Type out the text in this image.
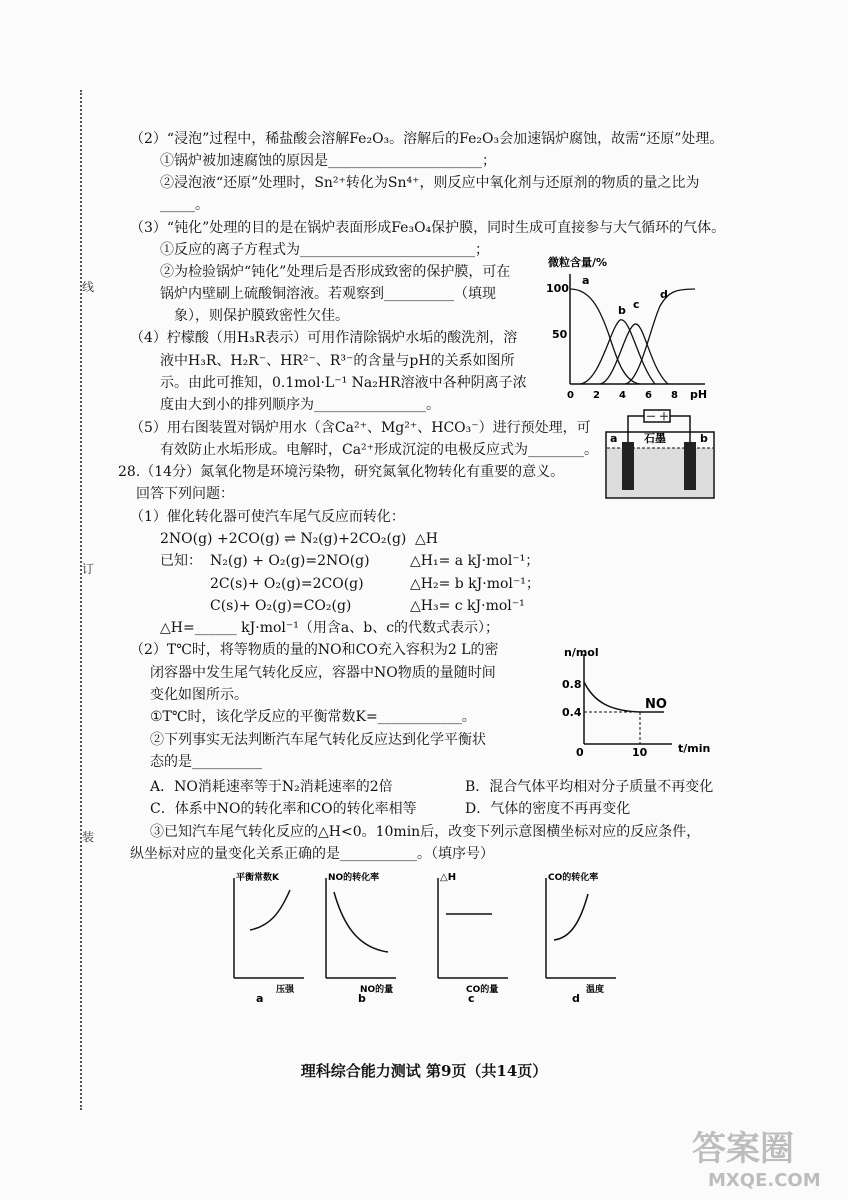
线
订
装
（2）“浸泡”过程中，稀盐酸会溶解Fe₂O₃。溶解后的Fe₂O₃会加速锅炉腐蚀，故需“还原”处理。
①锅炉被加速腐蚀的原因是______________________；
②浸泡液“还原”处理时，Sn²⁺转化为Sn⁴⁺，则反应中氧化剂与还原剂的物质的量之比为
_____。
（3）“钝化”处理的目的是在锅炉表面形成Fe₃O₄保护膜，同时生成可直接参与大气循环的气体。
①反应的离子方程式为_________________________；
②为检验锅炉“钝化”处理后是否形成致密的保护膜，可在
锅炉内壁刷上硫酸铜溶液。若观察到__________（填现
象），则保护膜致密性欠佳。
（4）柠檬酸（用H₃R表示）可用作清除锅炉水垢的酸洗剂，溶
液中H₃R、H₂R⁻、HR²⁻、R³⁻的含量与pH的关系如图所
示。由此可推知，0.1mol·L⁻¹ Na₂HR溶液中各种阴离子浓
度由大到小的排列顺序为________________。
（5）用右图装置对锅炉用水（含Ca²⁺、Mg²⁺、HCO₃⁻）进行预处理，可
有效防止水垢形成。电解时，Ca²⁺形成沉淀的电极反应式为________。
微粒含量/%
100
50
0 2 4 6 8 pH
a
b c
d
－ ＋
a 石墨	b
28.（14分）氮氧化物是环境污染物，研究氮氧化物转化有重要的意义。
回答下列问题：
（1）催化转化器可使汽车尾气反应而转化：
2NO(g) +2CO(g) ⇌ N₂(g)+2CO₂(g) △H
已知： N₂(g) + O₂(g)=2NO(g)	△H₁= a kJ·mol⁻¹；
2C(s)+ O₂(g)=2CO(g)	△H₂= b kJ·mol⁻¹；
C(s)+ O₂(g)=CO₂(g)	△H₃= c kJ·mol⁻¹
△H=______ kJ·mol⁻¹（用含a、b、c的代数式表示）；
（2）T℃时，将等物质的量的NO和CO充入容积为2 L的密
闭容器中发生尾气转化反应，容器中NO物质的量随时间
变化如图所示。
①T℃时，该化学反应的平衡常数K=____________。
②下列事实无法判断汽车尾气转化反应达到化学平衡状
态的是__________
A．NO消耗速率等于N₂消耗速率的2倍	B．混合气体平均相对分子质量不再变化
C．体系中NO的转化率和CO的转化率相等	D．气体的密度不再再变化
③已知汽车尾气转化反应的△H<0。10min后，改变下列示意图横坐标对应的反应条件，
纵坐标对应的量变化关系正确的是___________。（填序号）
n/mol
0.8
0.4
0	10	t/min
NO
平衡常数K
压强
a
NO的转化率
NO的量
b
△H
CO的量
c
CO的转化率
温度
d
理科综合能力测试 第9页（共14页）
答案圈
MXQE.COM
